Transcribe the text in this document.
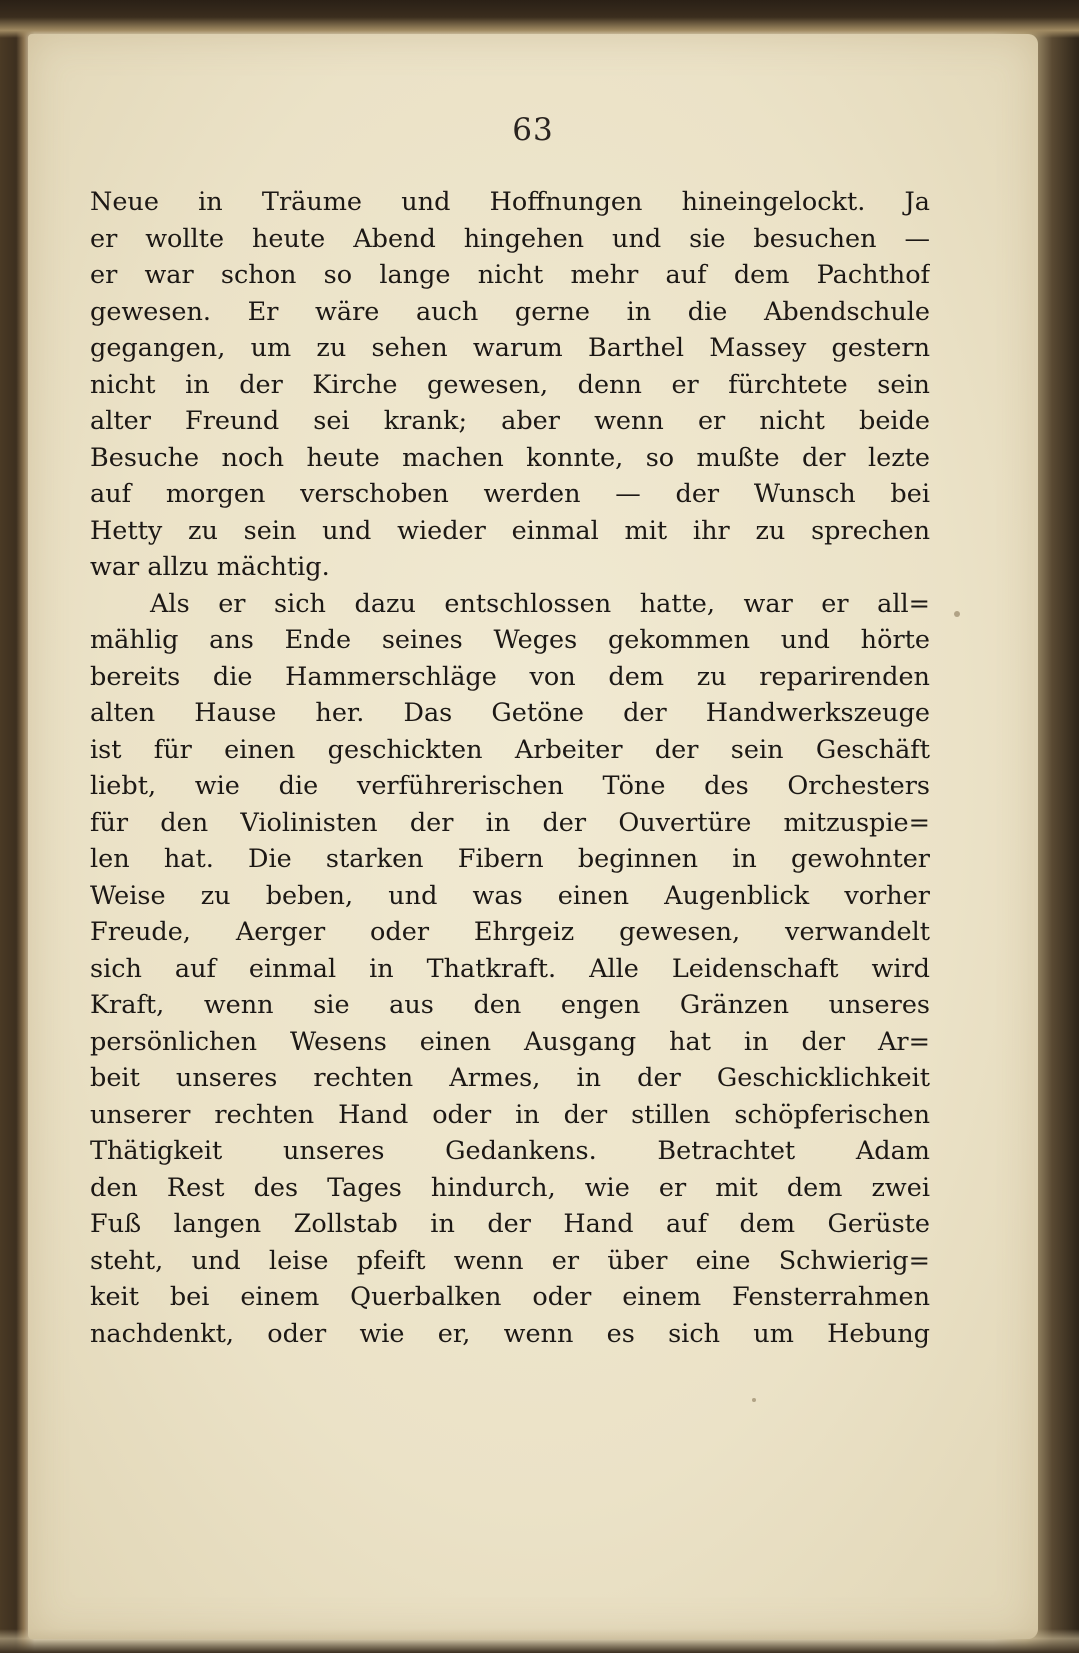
63
Neue in Träume und Hoffnungen hineingelockt. Ja
er wollte heute Abend hingehen und sie besuchen —
er war schon so lange nicht mehr auf dem Pachthof
gewesen. Er wäre auch gerne in die Abendschule
gegangen, um zu sehen warum Barthel Massey gestern
nicht in der Kirche gewesen, denn er fürchtete sein
alter Freund sei krank; aber wenn er nicht beide
Besuche noch heute machen konnte, so mußte der lezte
auf morgen verschoben werden — der Wunsch bei
Hetty zu sein und wieder einmal mit ihr zu sprechen
war allzu mächtig.
Als er sich dazu entschlossen hatte, war er all=
mählig ans Ende seines Weges gekommen und hörte
bereits die Hammerschläge von dem zu reparirenden
alten Hause her. Das Getöne der Handwerkszeuge
ist für einen geschickten Arbeiter der sein Geschäft
liebt, wie die verführerischen Töne des Orchesters
für den Violinisten der in der Ouvertüre mitzuspie=
len hat. Die starken Fibern beginnen in gewohnter
Weise zu beben, und was einen Augenblick vorher
Freude, Aerger oder Ehrgeiz gewesen, verwandelt
sich auf einmal in Thatkraft. Alle Leidenschaft wird
Kraft, wenn sie aus den engen Gränzen unseres
persönlichen Wesens einen Ausgang hat in der Ar=
beit unseres rechten Armes, in der Geschicklichkeit
unserer rechten Hand oder in der stillen schöpferischen
Thätigkeit unseres Gedankens. Betrachtet Adam
den Rest des Tages hindurch, wie er mit dem zwei
Fuß langen Zollstab in der Hand auf dem Gerüste
steht, und leise pfeift wenn er über eine Schwierig=
keit bei einem Querbalken oder einem Fensterrahmen
nachdenkt, oder wie er, wenn es sich um Hebung
